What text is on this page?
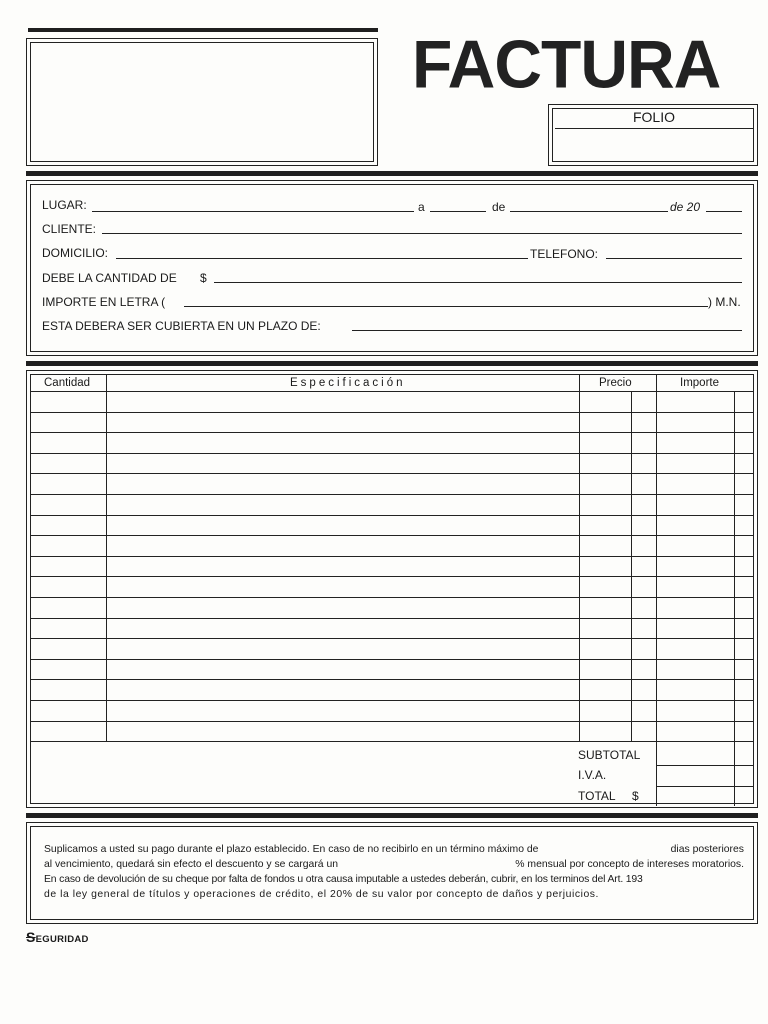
FACTURA
FOLIO
LUGAR:	a	de	de 20
CLIENTE:
DOMICILIO:	TELEFONO:
DEBE LA CANTIDAD DE $
IMPORTE EN LETRA (	) M.N.
ESTA DEBERA SER CUBIERTA EN UN PLAZO DE:
Cantidad	Especificación	Precio	Importe
SUBTOTAL
I.V.A.
TOTAL $
Suplicamos a usted su pago durante el plazo establecido. En caso de no recibirlo en un término máximo de	dias posteriores
al vencimiento, quedará sin efecto el descuento y se cargará un	% mensual por concepto de intereses moratorios.
En caso de devolución de su cheque por falta de fondos u otra causa imputable a ustedes deberán, cubrir, en los terminos del Art. 193
de la ley general de títulos y operaciones de crédito, el 20% de su valor por concepto de daños y perjuicios.
SEGURIDAD
